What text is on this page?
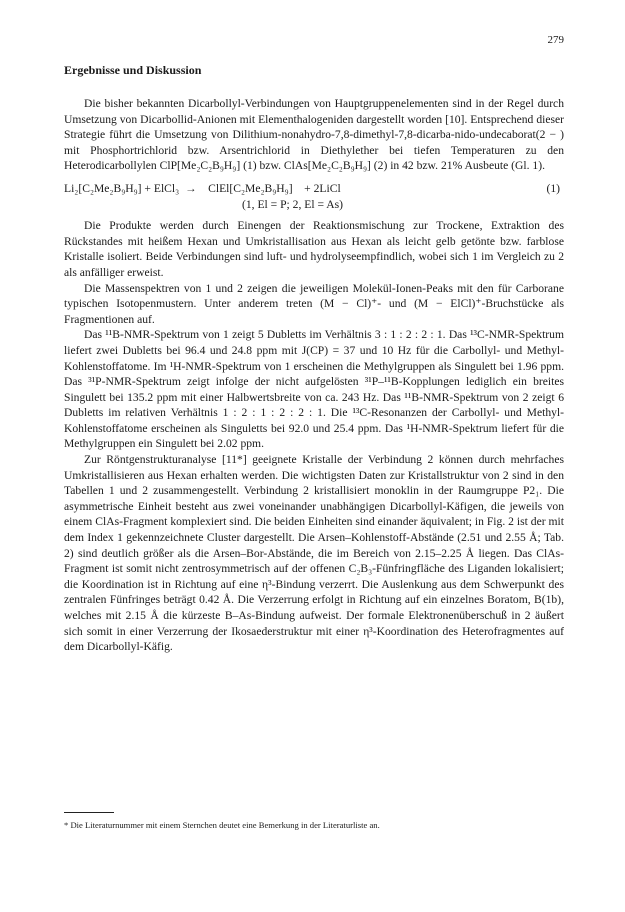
279
Ergebnisse und Diskussion

Die bisher bekannten Dicarbollyl-Verbindungen von Hauptgruppenelementen sind in der Regel durch Umsetzung von Dicarbollid-Anionen mit Elementhalogeniden dargestellt worden [10]. Entsprechend dieser Strategie führt die Umsetzung von Dilithium-nonahydro-7,8-dimethyl-7,8-dicarba-nido-undecaborat(2 − ) mit Phosphortrichlorid bzw. Arsentrichlorid in Diethylether bei tiefen Temperaturen zu den Heterodicarbollylen ClP[Me₂C₂B₉H₉] (1) bzw. ClAs[Me₂C₂B₉H₉] (2) in 42 bzw. 21% Ausbeute (Gl. 1).

Li₂[C₂Me₂B₉H₉] + ElCl₃  →    ClEl[C₂Me₂B₉H₉]    + 2LiCl	(1)
(1, El = P; 2, El = As)

Die Produkte werden durch Einengen der Reaktionsmischung zur Trockene, Extraktion des Rückstandes mit heißem Hexan und Umkristallisation aus Hexan als leicht gelb getönte bzw. farblose Kristalle isoliert. Beide Verbindungen sind luft- und hydrolyseempfindlich, wobei sich 1 im Vergleich zu 2 als anfälliger erweist.

Die Massenspektren von 1 und 2 zeigen die jeweiligen Molekül-Ionen-Peaks mit den für Carborane typischen Isotopenmustern. Unter anderem treten (M − Cl)⁺- und (M − ElCl)⁺-Bruchstücke als Fragmentionen auf.

Das ¹¹B-NMR-Spektrum von 1 zeigt 5 Dubletts im Verhältnis 3 : 1 : 2 : 2 : 1. Das ¹³C-NMR-Spektrum liefert zwei Dubletts bei 96.4 und 24.8 ppm mit J(CP) = 37 und 10 Hz für die Carbollyl- und Methyl-Kohlenstoffatome. Im ¹H-NMR-Spektrum von 1 erscheinen die Methylgruppen als Singulett bei 1.96 ppm. Das ³¹P-NMR-Spektrum zeigt infolge der nicht aufgelösten ³¹P–¹¹B-Kopplungen lediglich ein breites Singulett bei 135.2 ppm mit einer Halbwertsbreite von ca. 243 Hz. Das ¹¹B-NMR-Spektrum von 2 zeigt 6 Dubletts im relativen Verhältnis 1 : 2 : 1 : 2 : 2 : 1. Die ¹³C-Resonanzen der Carbollyl- und Methyl-Kohlenstoffatome erscheinen als Singuletts bei 92.0 und 25.4 ppm. Das ¹H-NMR-Spektrum liefert für die Methylgruppen ein Singulett bei 2.02 ppm.

Zur Röntgenstrukturanalyse [11*] geeignete Kristalle der Verbindung 2 können durch mehrfaches Umkristallisieren aus Hexan erhalten werden. Die wichtigsten Daten zur Kristallstruktur von 2 sind in den Tabellen 1 und 2 zusammengestellt. Verbindung 2 kristallisiert monoklin in der Raumgruppe P2₁. Die asymmetrische Einheit besteht aus zwei voneinander unabhängigen Dicarbollyl-Käfigen, die jeweils von einem ClAs-Fragment komplexiert sind. Die beiden Einheiten sind einander äquivalent; in Fig. 2 ist der mit dem Index 1 gekennzeichnete Cluster dargestellt. Die Arsen–Kohlenstoff-Abstände (2.51 und 2.55 Å; Tab. 2) sind deutlich größer als die Arsen–Bor-Abstände, die im Bereich von 2.15–2.25 Å liegen. Das ClAs-Fragment ist somit nicht zentrosymmetrisch auf der offenen C₂B₃-Fünfringfläche des Liganden lokalisiert; die Koordination ist in Richtung auf eine η³-Bindung verzerrt. Die Auslenkung aus dem Schwerpunkt des zentralen Fünfringes beträgt 0.42 Å. Die Verzerrung erfolgt in Richtung auf ein einzelnes Boratom, B(1b), welches mit 2.15 Å die kürzeste B–As-Bindung aufweist. Der formale Elektronenüberschuß in 2 äußert sich somit in einer Verzerrung der Ikosaederstruktur mit einer η³-Koordination des Heterofragmentes auf dem Dicarbollyl-Käfig.

* Die Literaturnummer mit einem Sternchen deutet eine Bemerkung in der Literaturliste an.
